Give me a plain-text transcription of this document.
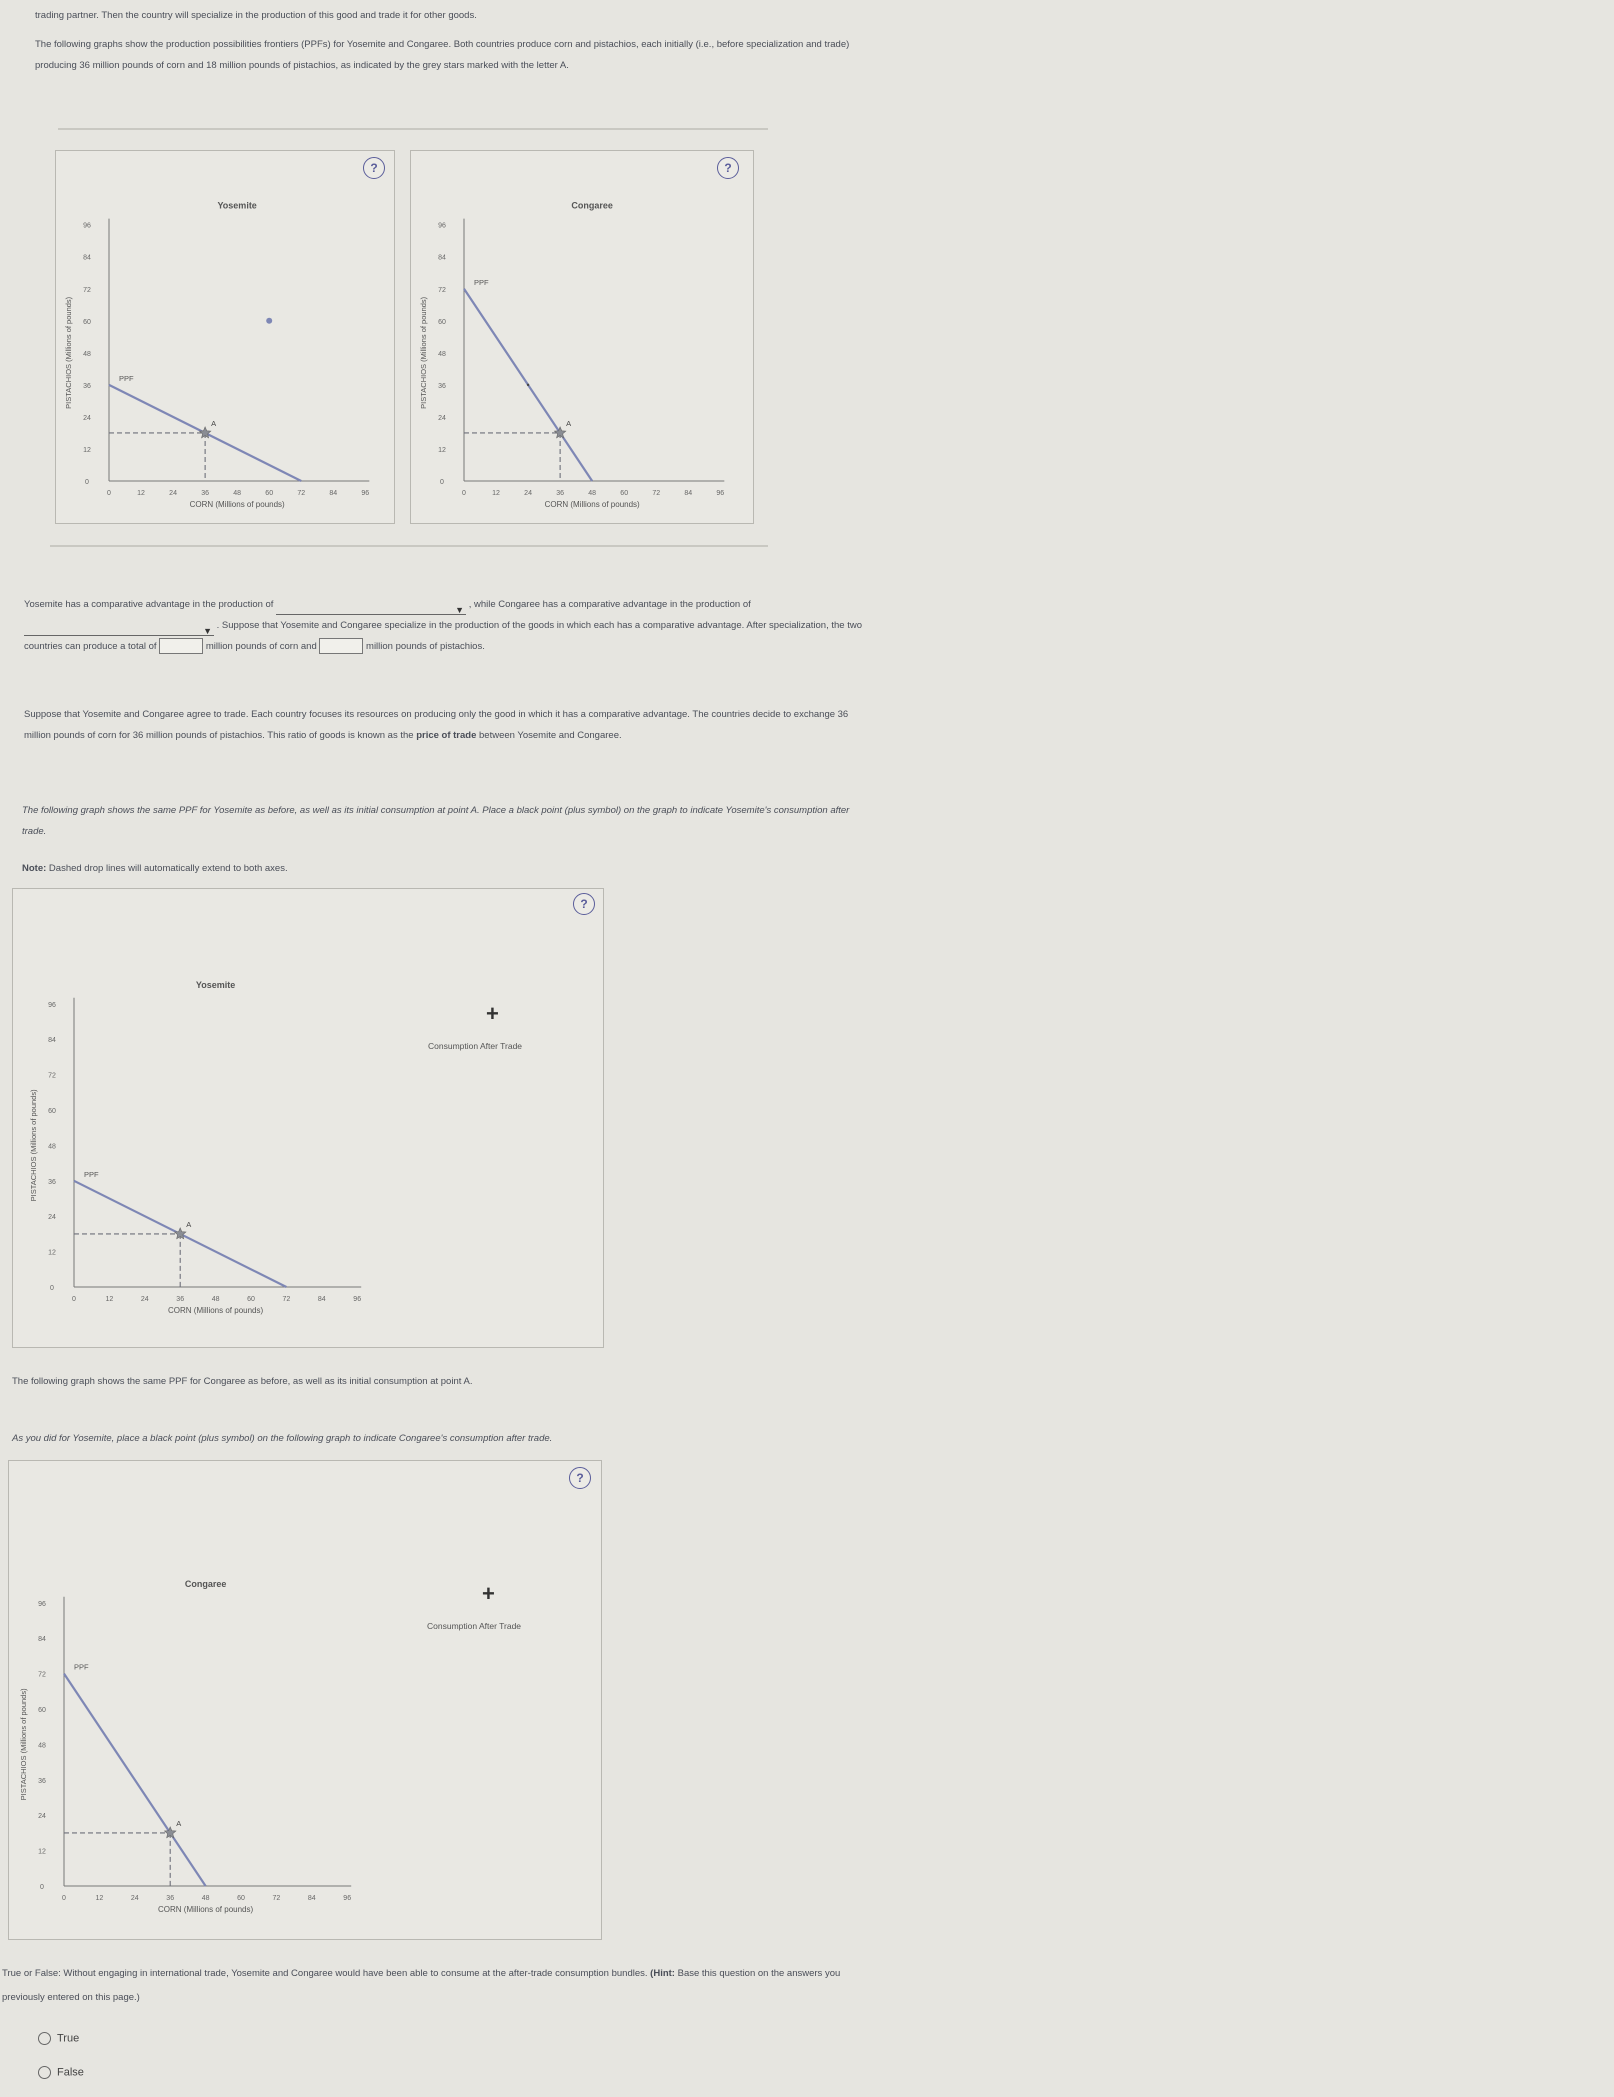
trading partner. Then the country will specialize in the production of this good and trade it for other goods.
The following graphs show the production possibilities frontiers (PPFs) for Yosemite and Congaree. Both countries produce corn and pistachios, each initially (i.e., before specialization and trade) producing 36 million pounds of corn and 18 million pounds of pistachios, as indicated by the grey stars marked with the letter A.
Yosemite
0
0
12
12
24
24
36
36
48
48
60
60
72
72
84
84
96
96
CORN (Millions of pounds)
PISTACHIOS (Millions of pounds)	PPF
A
?
Congaree
0
0
12
12
24
24
36
36
48
48
60
60
72
72
84
84
96
96
CORN (Millions of pounds)
PISTACHIOS (Millions of pounds)
PPF
A
?
Yosemite has a comparative advantage in the production of	▼ , while Congaree has a comparative advantage in the production of
▼ . Suppose that Yosemite and Congaree specialize in the production of the goods in which each has a comparative advantage. After specialization, the two countries can produce a total of	million pounds of corn and	million pounds of pistachios.
Suppose that Yosemite and Congaree agree to trade. Each country focuses its resources on producing only the good in which it has a comparative advantage. The countries decide to exchange 36 million pounds of corn for 36 million pounds of pistachios. This ratio of goods is known as the price of trade between Yosemite and Congaree.
The following graph shows the same PPF for Yosemite as before, as well as its initial consumption at point A. Place a black point (plus symbol) on the graph to indicate Yosemite's consumption after trade.
Note: Dashed drop lines will automatically extend to both axes.
Yosemite
0
0
12
12
24
24
36
36
48
48
60
60
72
72
84
84
96
96
CORN (Millions of pounds)
PISTACHIOS (Millions of pounds)	PPF
A
?
+
Consumption After Trade
The following graph shows the same PPF for Congaree as before, as well as its initial consumption at point A.
As you did for Yosemite, place a black point (plus symbol) on the following graph to indicate Congaree's consumption after trade.
Congaree
0
0
12
12
24
24
36
36
48
48
60
60
72
72
84
84
96
96
CORN (Millions of pounds)
PISTACHIOS (Millions of pounds)
PPF
A
?
+
Consumption After Trade
True or False: Without engaging in international trade, Yosemite and Congaree would have been able to consume at the after-trade consumption bundles. (Hint: Base this question on the answers you previously entered on this page.)
True
False
